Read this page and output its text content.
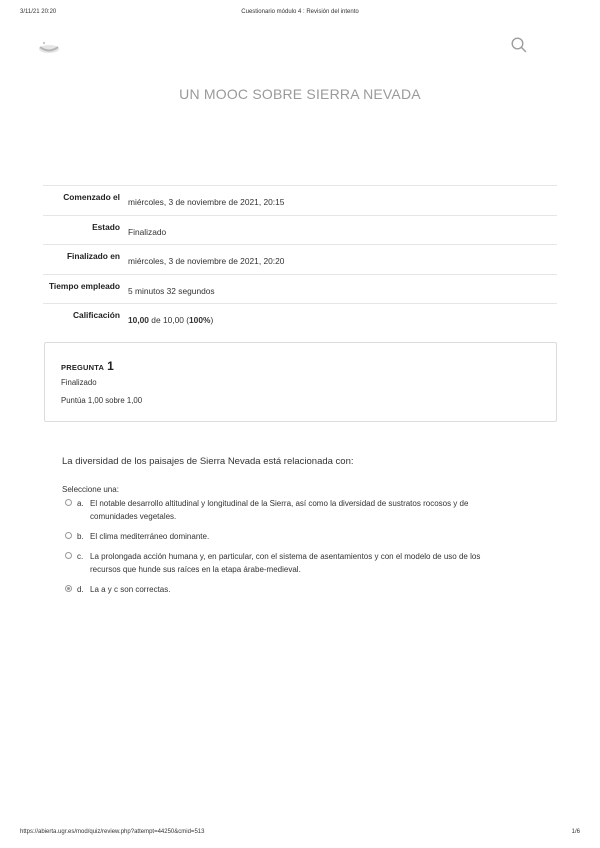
3/11/21 20:20	Cuestionario módulo 4 : Revisión del intento
UN MOOC SOBRE SIERRA NEVADA
Comenzado el	miércoles, 3 de noviembre de 2021, 20:15
Estado	Finalizado
Finalizado en	miércoles, 3 de noviembre de 2021, 20:20
Tiempo empleado	5 minutos 32 segundos
Calificación	10,00 de 10,00 (100%)
PREGUNTA 1
Finalizado
Puntúa 1,00 sobre 1,00
La diversidad de los paisajes de Sierra Nevada está relacionada con:
Seleccione una:
a. El notable desarrollo altitudinal y longitudinal de la Sierra, así como la diversidad de sustratos rocosos y de comunidades vegetales.
b. El clima mediterráneo dominante.
c. La prolongada acción humana y, en particular, con el sistema de asentamientos y con el modelo de uso de los recursos que hunde sus raíces en la etapa árabe-medieval.
d. La a y c son correctas.
https://abierta.ugr.es/mod/quiz/review.php?attempt=44250&cmid=513	1/6
